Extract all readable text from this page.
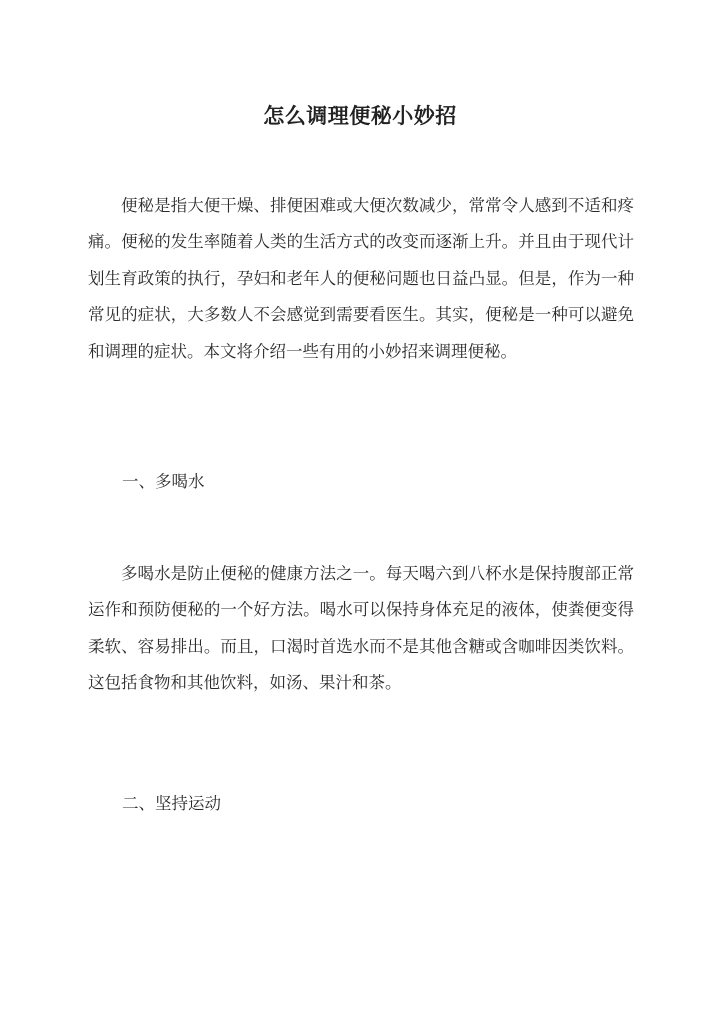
怎么调理便秘小妙招

便秘是指大便干燥、排便困难或大便次数减少，常常令人感到不适和疼痛。便秘的发生率随着人类的生活方式的改变而逐渐上升。并且由于现代计划生育政策的执行，孕妇和老年人的便秘问题也日益凸显。但是，作为一种常见的症状，大多数人不会感觉到需要看医生。其实，便秘是一种可以避免和调理的症状。本文将介绍一些有用的小妙招来调理便秘。

一、多喝水

多喝水是防止便秘的健康方法之一。每天喝六到八杯水是保持腹部正常运作和预防便秘的一个好方法。喝水可以保持身体充足的液体，使粪便变得柔软、容易排出。而且，口渴时首选水而不是其他含糖或含咖啡因类饮料。这包括食物和其他饮料，如汤、果汁和茶。

二、坚持运动
